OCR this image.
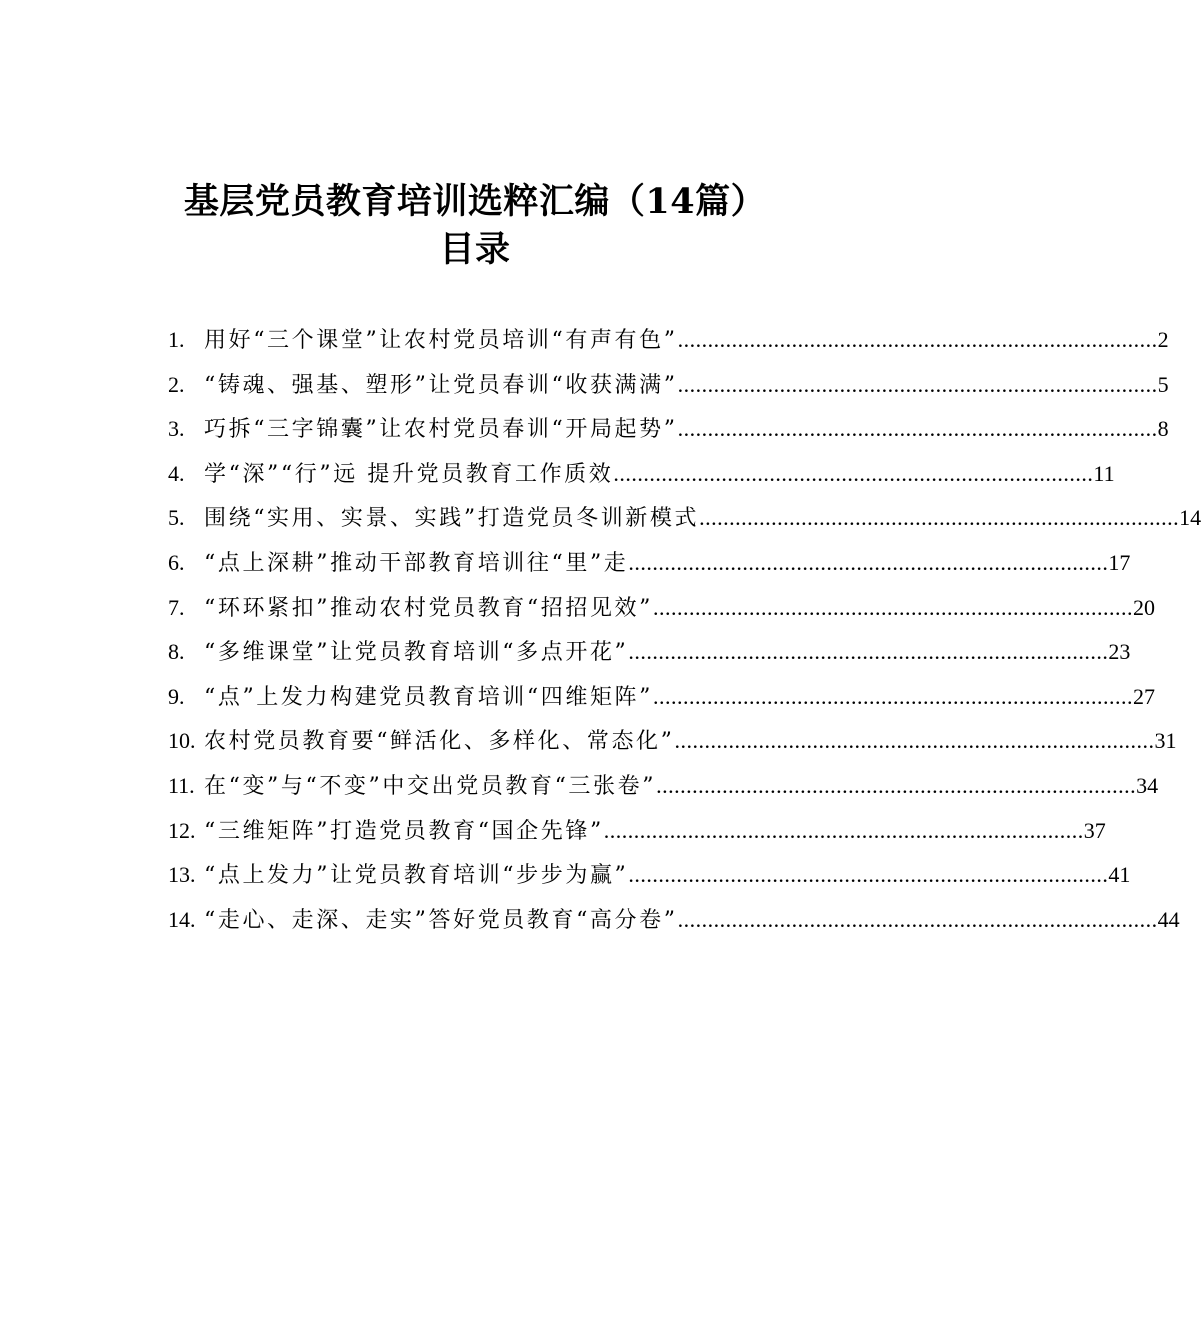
基层党员教育培训选粹汇编（14篇）
目录
1. 用好“三个课堂”让农村党员培训“有声有色” .....	2
2. “铸魂、强基、塑形”让党员春训“收获满满” .....	5
3. 巧拆“三字锦囊”让农村党员春训“开局起势” .....	8
4. 学“深”“行”远 提升党员教育工作质效 .....	11
5. 围绕“实用、实景、实践”打造党员冬训新模式 .....	14
6. “点上深耕”推动干部教育培训往“里”走 .....	17
7. “环环紧扣”推动农村党员教育“招招见效” .....	20
8. “多维课堂”让党员教育培训“多点开花” .....	23
9. “点”上发力构建党员教育培训“四维矩阵” .....	27
10. 农村党员教育要“鲜活化、多样化、常态化” .....	31
11. 在“变”与“不变”中交出党员教育“三张卷” .....	34
12. “三维矩阵”打造党员教育“国企先锋” .....	37
13. “点上发力”让党员教育培训“步步为赢” .....	41
14. “走心、走深、走实”答好党员教育“高分卷” .....	44
